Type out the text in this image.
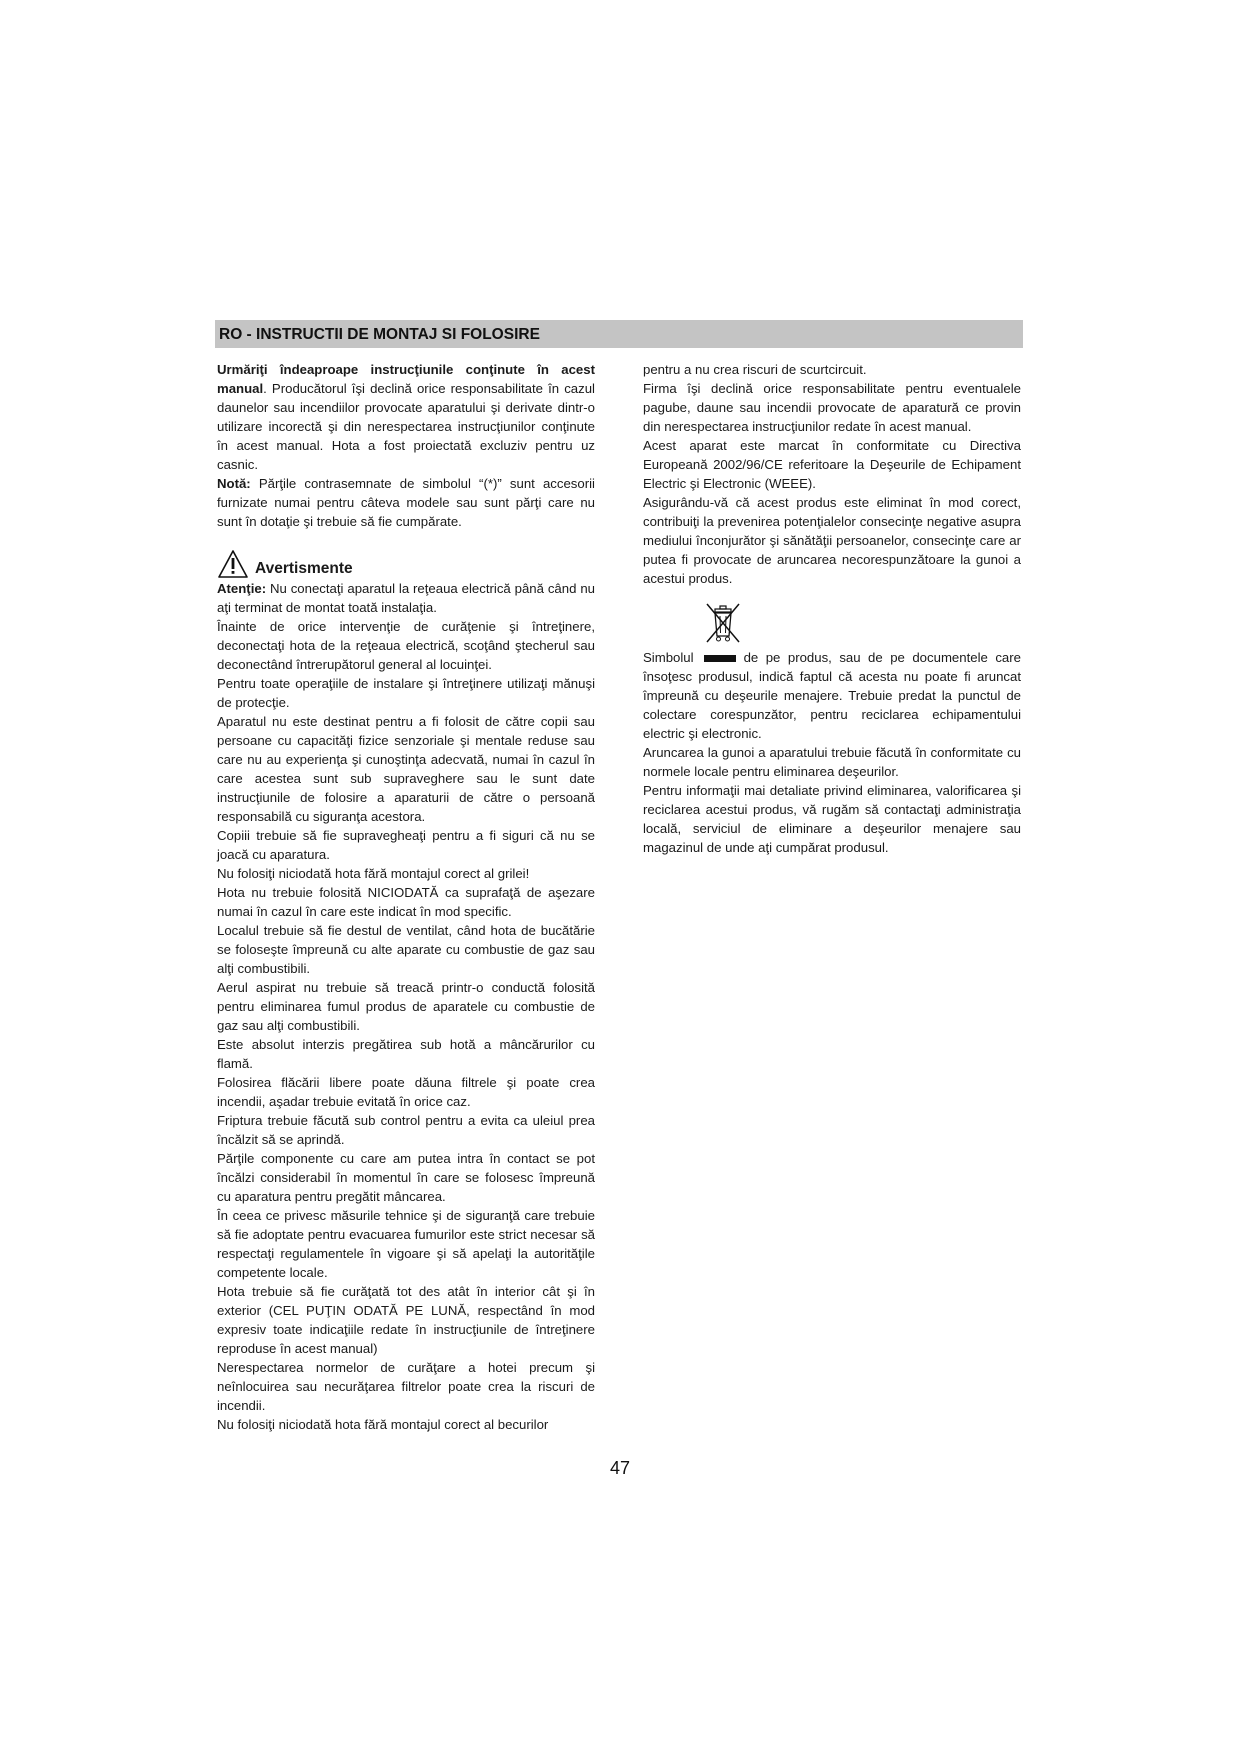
RO - INSTRUCTII DE MONTAJ SI FOLOSIRE

Urmăriţi îndeaproape instrucţiunile conţinute în acest manual. Producătorul îşi declină orice responsabilitate în cazul daunelor sau incendiilor provocate aparatului şi derivate dintr-o utilizare incorectă şi din nerespectarea instrucţiunilor conţinute în acest manual. Hota a fost proiectată excluziv pentru uz casnic.

Notă: Părţile contrasemnate de simbolul “(*)” sunt accesorii furnizate numai pentru câteva modele sau sunt părţi care nu sunt în dotaţie şi trebuie să fie cumpărate.

Avertismente

Atenţie: Nu conectaţi aparatul la reţeaua electrică până când nu aţi terminat de montat toată instalaţia.

Înainte de orice intervenţie de curăţenie şi întreţinere, deconectaţi hota de la reţeaua electrică, scoţând ştecherul sau deconectând întrerupătorul general al locuinţei.

Pentru toate operaţiile de instalare şi întreţinere utilizaţi mănuşi de protecţie.

Aparatul nu este destinat pentru a fi folosit de către copii sau persoane cu capacităţi fizice senzoriale şi mentale reduse sau care nu au experienţa şi cunoştinţa adecvată, numai în cazul în care acestea sunt sub supraveghere sau le sunt date instrucţiunile de folosire a aparaturii de către o persoană responsabilă cu siguranţa acestora.

Copiii trebuie să fie supravegheaţi pentru a fi siguri că nu se joacă cu aparatura.

Nu folosiţi niciodată hota fără montajul corect al grilei!

Hota nu trebuie folosită NICIODATĂ ca suprafaţă de aşezare numai în cazul în care este indicat în mod specific.

Localul trebuie să fie destul de ventilat, când hota de bucătărie se foloseşte împreună cu alte aparate cu combustie de gaz sau alţi combustibili.

Aerul aspirat nu trebuie să treacă printr-o conductă folosită pentru eliminarea fumul produs de aparatele cu combustie de gaz sau alţi combustibili.

Este absolut interzis pregătirea sub hotă a mâncărurilor cu flamă.

Folosirea flăcării libere poate dăuna filtrele şi poate crea incendii, aşadar trebuie evitată în orice caz.

Friptura trebuie făcută sub control pentru a evita ca uleiul prea încălzit să se aprindă.

Părţile componente cu care am putea intra în contact se pot încălzi considerabil în momentul în care se folosesc împreună cu aparatura pentru pregătit mâncarea.

În ceea ce privesc măsurile tehnice şi de siguranţă care trebuie să fie adoptate pentru evacuarea fumurilor este strict necesar să respectaţi regulamentele în vigoare şi să apelaţi la autorităţile competente locale.

Hota trebuie să fie curăţată tot des atât în interior cât şi în exterior (CEL PUŢIN ODATĂ PE LUNĂ, respectând în mod expresiv toate indicaţiile redate în instrucţiunile de întreţinere reproduse în acest manual)

Nerespectarea normelor de curăţare a hotei precum şi neînlocuirea sau necurăţarea filtrelor poate crea la riscuri de incendii.

Nu folosiţi niciodată hota fără montajul corect al becurilor

pentru a nu crea riscuri de scurtcircuit.

Firma îşi declină orice responsabilitate pentru eventualele pagube, daune sau incendii provocate de aparatură ce provin din nerespectarea instrucţiunilor redate în acest manual.

Acest aparat este marcat în conformitate cu Directiva Europeană 2002/96/CE referitoare la Deşeurile de Echipament Electric şi Electronic (WEEE).

Asigurându-vă că acest produs este eliminat în mod corect, contribuiţi la prevenirea potenţialelor consecinţe negative asupra mediului înconjurător şi sănătăţii persoanelor, consecinţe care ar putea fi provocate de aruncarea necorespunzătoare la gunoi a acestui produs.

Simbolul	de pe produs, sau de pe documentele care însoţesc produsul, indică faptul că acesta nu poate fi aruncat împreună cu deşeurile menajere. Trebuie predat la punctul de colectare corespunzător, pentru reciclarea echipamentului electric şi electronic.

Aruncarea la gunoi a aparatului trebuie făcută în conformitate cu normele locale pentru eliminarea deşeurilor.

Pentru informaţii mai detaliate privind eliminarea, valorificarea şi reciclarea acestui produs, vă rugăm să contactaţi administraţia locală, serviciul de eliminare a deşeurilor menajere sau magazinul de unde aţi cumpărat produsul.

47
